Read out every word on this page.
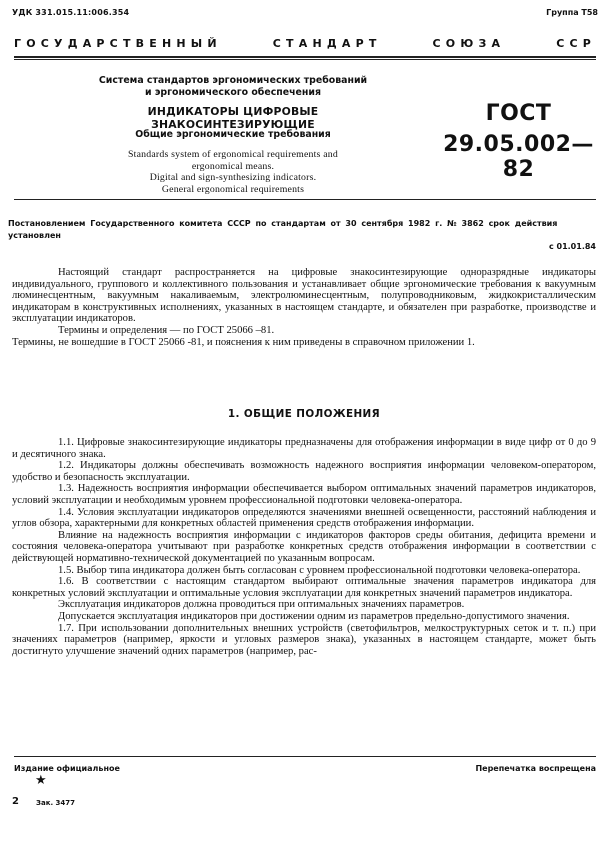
УДК 331.015.11:006.354	Группа Т58
ГОСУДАРСТВЕННЫЙ	СТАНДАРТ	СОЮЗА	ССР
Система стандартов эргономических требований
и эргономического обеспечения
ИНДИКАТОРЫ ЦИФРОВЫЕ ЗНАКОСИНТЕЗИРУЮЩИЕ
Общие эргономические требования
Standards system of ergonomical requirements and
ergonomical means.
Digital and sign-synthesizing indicators.
General ergonomical requirements
ГОСТ
29.05.002—82
Постановлением Государственного комитета СССР по стандартам от 30 сентября 1982 г. № 3862 срок действия установлен
с 01.01.84

Настоящий стандарт распространяется на цифровые знакосинтезирующие одноразрядные индикаторы индивидуального, группового и коллективного пользования и устанавливает общие эргономические требования к вакуумным люминесцентным, вакуумным накаливаемым, электролюминесцентным, полупроводниковым, жидкокристаллическим индикаторам в конструктивных исполнениях, указанных в настоящем стандарте, и обязателен при разработке, производстве и эксплуатации индикаторов.

Термины и определения — по ГОСТ 25066 –81.

Термины, не вошедшие в ГОСТ 25066 -81, и пояснения к ним приведены в справочном приложении 1.

1. ОБЩИЕ ПОЛОЖЕНИЯ

1.1. Цифровые знакосинтезирующие индикаторы предназначены для отображения информации в виде цифр от 0 до 9 и десятичного знака.

1.2. Индикаторы должны обеспечивать возможность надежного восприятия информации человеком-оператором, удобство и безопасность эксплуатации.

1.3. Надежность восприятия информации обеспечивается выбором оптимальных значений параметров индикаторов, условий эксплуатации и необходимым уровнем профессиональной подготовки человека-оператора.

1.4. Условия эксплуатации индикаторов определяются значениями внешней освещенности, расстояний наблюдения и углов обзора, характерными для конкретных областей применения средств отображения информации.

Влияние на надежность восприятия информации с индикаторов факторов среды обитания, дефицита времени и состояния человека-оператора учитывают при разработке конкретных средств отображения информации в соответствии с действующей нормативно-технической документацией по указанным вопросам.

1.5. Выбор типа индикатора должен быть согласован с уровнем профессиональной подготовки человека-оператора.

1.6. В соответствии с настоящим стандартом выбирают оптимальные значения параметров индикатора для конкретных условий эксплуатации и оптимальные условия эксплуатации для конкретных значений параметров индикатора.

Эксплуатация индикаторов должна проводиться при оптимальных значениях параметров.

Допускается эксплуатация индикаторов при достижении одним из параметров предельно-допустимого значения.

1.7. При использовании дополнительных внешних устройств (светофильтров, мелкоструктурных сеток и т. п.) при значениях параметров (например, яркости и угловых размеров знака), указанных в настоящем стандарте, может быть достигнуто улучшение значений одних параметров (например, рас-

Издание официальное
★
Перепечатка воспрещена
2 Зак. 3477
